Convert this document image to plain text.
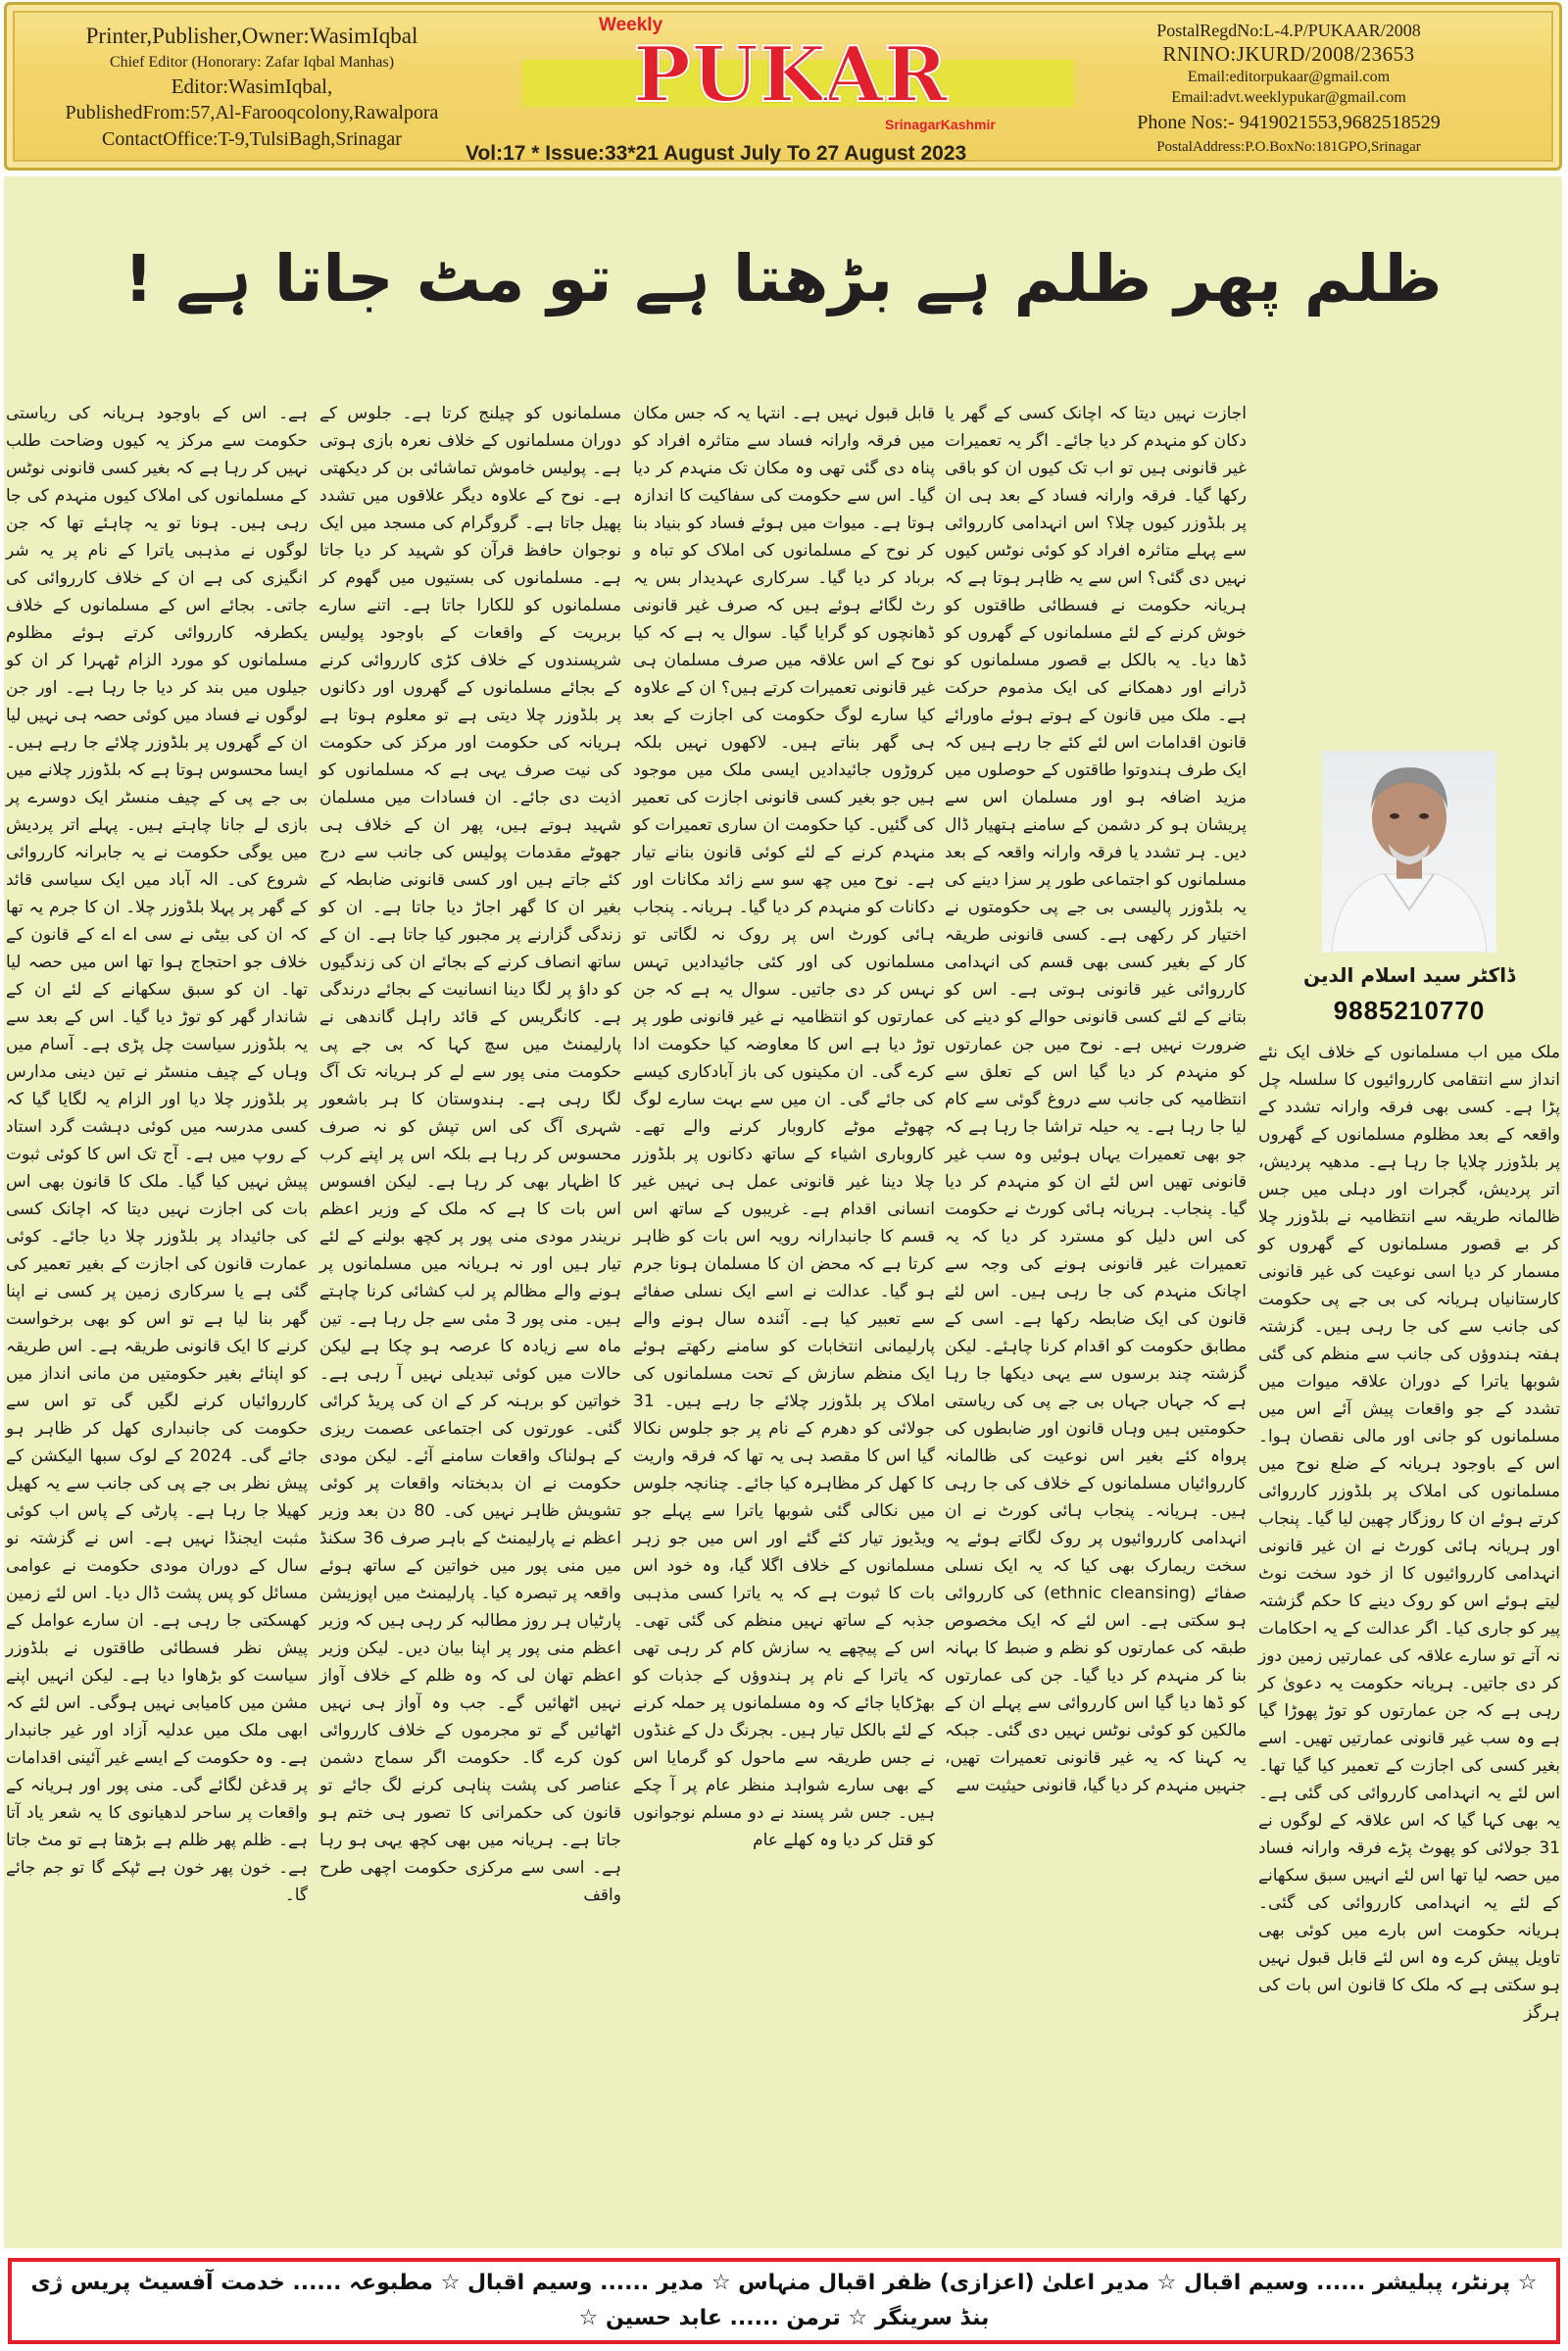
Printer,Publisher,Owner:WasimIqbal
Chief Editor (Honorary: Zafar Iqbal Manhas)
Editor:WasimIqbal,
PublishedFrom:57,Al-Farooqcolony,Rawalpora
ContactOffice:T-9,TulsiBagh,Srinagar
Weekly
PUKAR
SrinagarKashmir
Vol:17 * Issue:33*21 August July To 27 August 2023
PostalRegdNo:L-4.P/PUKAAR/2008
RNINO:JKURD/2008/23653
Email:editorpukaar@gmail.com
Email:advt.weeklypukar@gmail.com
Phone Nos:- 9419021553,9682518529
PostalAddress:P.O.BoxNo:181GPO,Srinagar
ظلم پھر ظلم ہے بڑھتا ہے تو مٹ جاتا ہے !
ڈاکٹر سید اسلام الدین
9885210770

ملک میں اب مسلمانوں کے خلاف ایک نئے انداز سے انتقامی کارروائیوں کا سلسلہ چل پڑا ہے۔ کسی بھی فرقہ وارانہ تشدد کے واقعہ کے بعد مظلوم مسلمانوں کے گھروں پر بلڈوزر چلایا جا رہا ہے۔ مدھیہ پردیش، اتر پردیش، گجرات اور دہلی میں جس ظالمانہ طریقہ سے انتظامیہ نے بلڈوزر چلا کر بے قصور مسلمانوں کے گھروں کو مسمار کر دیا اسی نوعیت کی غیر قانونی کارستانیاں ہریانہ کی بی جے پی حکومت کی جانب سے کی جا رہی ہیں۔ گزشتہ ہفتہ ہندوؤں کی جانب سے منظم کی گئی شوبھا یاترا کے دوران علاقہ میوات میں تشدد کے جو واقعات پیش آئے اس میں مسلمانوں کو جانی اور مالی نقصان ہوا۔ اس کے باوجود ہریانہ کے ضلع نوح میں مسلمانوں کی املاک پر بلڈوزر کارروائی کرتے ہوئے ان کا روزگار چھین لیا گیا۔ پنجاب اور ہریانہ ہائی کورٹ نے ان غیر قانونی انہدامی کارروائیوں کا از خود سخت نوٹ لیتے ہوئے اس کو روک دینے کا حکم گزشتہ پیر کو جاری کیا۔ اگر عدالت کے یہ احکامات نہ آتے تو سارے علاقہ کی عمارتیں زمین دوز کر دی جاتیں۔ ہریانہ حکومت یہ دعویٰ کر رہی ہے کہ جن عمارتوں کو توڑ پھوڑا گیا ہے وہ سب غیر قانونی عمارتیں تھیں۔ اسے بغیر کسی کی اجازت کے تعمیر کیا گیا تھا۔ اس لئے یہ انہدامی کارروائی کی گئی ہے۔ یہ بھی کہا گیا کہ اس علاقہ کے لوگوں نے 31 جولائی کو پھوٹ پڑے فرقہ وارانہ فساد میں حصہ لیا تھا اس لئے انہیں سبق سکھانے کے لئے یہ انہدامی کارروائی کی گئی۔ ہریانہ حکومت اس بارے میں کوئی بھی تاویل پیش کرے وہ اس لئے قابل قبول نہیں ہو سکتی ہے کہ ملک کا قانون اس بات کی ہرگز

اجازت نہیں دیتا کہ اچانک کسی کے گھر یا دکان کو منہدم کر دیا جائے۔ اگر یہ تعمیرات غیر قانونی ہیں تو اب تک کیوں ان کو باقی رکھا گیا۔ فرقہ وارانہ فساد کے بعد ہی ان پر بلڈوزر کیوں چلا؟ اس انہدامی کارروائی سے پہلے متاثرہ افراد کو کوئی نوٹس کیوں نہیں دی گئی؟ اس سے یہ ظاہر ہوتا ہے کہ ہریانہ حکومت نے فسطائی طاقتوں کو خوش کرنے کے لئے مسلمانوں کے گھروں کو ڈھا دیا۔ یہ بالکل بے قصور مسلمانوں کو ڈرانے اور دھمکانے کی ایک مذموم حرکت ہے۔ ملک میں قانون کے ہوتے ہوئے ماورائے قانون اقدامات اس لئے کئے جا رہے ہیں کہ ایک طرف ہندوتوا طاقتوں کے حوصلوں میں مزید اضافہ ہو اور مسلمان اس سے پریشان ہو کر دشمن کے سامنے ہتھیار ڈال دیں۔ ہر تشدد یا فرقہ وارانہ واقعہ کے بعد مسلمانوں کو اجتماعی طور پر سزا دینے کی یہ بلڈوزر پالیسی بی جے پی حکومتوں نے اختیار کر رکھی ہے۔ کسی قانونی طریقہ کار کے بغیر کسی بھی قسم کی انہدامی کارروائی غیر قانونی ہوتی ہے۔ اس کو بتانے کے لئے کسی قانونی حوالے کو دینے کی ضرورت نہیں ہے۔ نوح میں جن عمارتوں کو منہدم کر دیا گیا اس کے تعلق سے انتظامیہ کی جانب سے دروغ گوئی سے کام لیا جا رہا ہے۔ یہ حیلہ تراشا جا رہا ہے کہ جو بھی تعمیرات یہاں ہوئیں وہ سب غیر قانونی تھیں اس لئے ان کو منہدم کر دیا گیا۔ پنجاب۔ ہریانہ ہائی کورٹ نے حکومت کی اس دلیل کو مسترد کر دیا کہ یہ تعمیرات غیر قانونی ہونے کی وجہ سے اچانک منہدم کی جا رہی ہیں۔ اس لئے قانون کی ایک ضابطہ رکھا ہے۔ اسی کے مطابق حکومت کو اقدام کرنا چاہئے۔ لیکن گزشتہ چند برسوں سے یہی دیکھا جا رہا ہے کہ جہاں جہاں بی جے پی کی ریاستی حکومتیں ہیں وہاں قانون اور ضابطوں کی پرواہ کئے بغیر اس نوعیت کی ظالمانہ کارروائیاں مسلمانوں کے خلاف کی جا رہی ہیں۔ ہریانہ۔ پنجاب ہائی کورٹ نے ان انہدامی کارروائیوں پر روک لگاتے ہوئے یہ سخت ریمارک بھی کیا کہ یہ ایک نسلی صفائے (ethnic cleansing) کی کارروائی ہو سکتی ہے۔ اس لئے کہ ایک مخصوص طبقہ کی عمارتوں کو نظم و ضبط کا بہانہ بنا کر منہدم کر دیا گیا۔ جن کی عمارتوں کو ڈھا دیا گیا اس کارروائی سے پہلے ان کے مالکین کو کوئی نوٹس نہیں دی گئی۔ جبکہ یہ کہنا کہ یہ غیر قانونی تعمیرات تھیں، جنہیں منہدم کر دیا گیا، قانونی حیثیت سے

قابل قبول نہیں ہے۔ انتہا یہ کہ جس مکان میں فرقہ وارانہ فساد سے متاثرہ افراد کو پناہ دی گئی تھی وہ مکان تک منہدم کر دیا گیا۔ اس سے حکومت کی سفاکیت کا اندازہ ہوتا ہے۔ میوات میں ہوئے فساد کو بنیاد بنا کر نوح کے مسلمانوں کی املاک کو تباہ و برباد کر دیا گیا۔ سرکاری عہدیدار بس یہ رٹ لگائے ہوئے ہیں کہ صرف غیر قانونی ڈھانچوں کو گرایا گیا۔ سوال یہ ہے کہ کیا نوح کے اس علاقہ میں صرف مسلمان ہی غیر قانونی تعمیرات کرتے ہیں؟ ان کے علاوہ کیا سارے لوگ حکومت کی اجازت کے بعد ہی گھر بناتے ہیں۔ لاکھوں نہیں بلکہ کروڑوں جائیدادیں ایسی ملک میں موجود ہیں جو بغیر کسی قانونی اجازت کی تعمیر کی گئیں۔ کیا حکومت ان ساری تعمیرات کو منہدم کرنے کے لئے کوئی قانون بنانے تیار ہے۔ نوح میں چھ سو سے زائد مکانات اور دکانات کو منہدم کر دیا گیا۔ ہریانہ۔ پنجاب ہائی کورٹ اس پر روک نہ لگاتی تو مسلمانوں کی اور کئی جائیدادیں تہس نہس کر دی جاتیں۔ سوال یہ ہے کہ جن عمارتوں کو انتظامیہ نے غیر قانونی طور پر توڑ دیا ہے اس کا معاوضہ کیا حکومت ادا کرے گی۔ ان مکینوں کی باز آبادکاری کیسے کی جائے گی۔ ان میں سے بہت سارے لوگ چھوٹے موٹے کاروبار کرنے والے تھے۔ کاروباری اشیاء کے ساتھ دکانوں پر بلڈوزر چلا دینا غیر قانونی عمل ہی نہیں غیر انسانی اقدام ہے۔ غریبوں کے ساتھ اس قسم کا جانبدارانہ رویہ اس بات کو ظاہر کرتا ہے کہ محض ان کا مسلمان ہونا جرم ہو گیا۔ عدالت نے اسے ایک نسلی صفائے سے تعبیر کیا ہے۔ آئندہ سال ہونے والے پارلیمانی انتخابات کو سامنے رکھتے ہوئے ایک منظم سازش کے تحت مسلمانوں کی املاک پر بلڈوزر چلائے جا رہے ہیں۔ 31 جولائی کو دھرم کے نام پر جو جلوس نکالا گیا اس کا مقصد ہی یہ تھا کہ فرقہ واریت کا کھل کر مظاہرہ کیا جائے۔ چنانچہ جلوس میں نکالی گئی شوبھا یاترا سے پہلے جو ویڈیوز تیار کئے گئے اور اس میں جو زہر مسلمانوں کے خلاف اگلا گیا، وہ خود اس بات کا ثبوت ہے کہ یہ یاترا کسی مذہبی جذبہ کے ساتھ نہیں منظم کی گئی تھی۔ اس کے پیچھے یہ سازش کام کر رہی تھی کہ یاترا کے نام پر ہندوؤں کے جذبات کو بھڑکایا جائے کہ وہ مسلمانوں پر حملہ کرنے کے لئے بالکل تیار ہیں۔ بجرنگ دل کے غنڈوں نے جس طریقہ سے ماحول کو گرمایا اس کے بھی سارے شواہد منظر عام پر آ چکے ہیں۔ جس شر پسند نے دو مسلم نوجوانوں کو قتل کر دیا وہ کھلے عام

مسلمانوں کو چیلنج کرتا ہے۔ جلوس کے دوران مسلمانوں کے خلاف نعرہ بازی ہوتی ہے۔ پولیس خاموش تماشائی بن کر دیکھتی ہے۔ نوح کے علاوہ دیگر علاقوں میں تشدد پھیل جاتا ہے۔ گروگرام کی مسجد میں ایک نوجوان حافظ قرآن کو شہید کر دیا جاتا ہے۔ مسلمانوں کی بستیوں میں گھوم کر مسلمانوں کو للکارا جاتا ہے۔ اتنے سارے بربریت کے واقعات کے باوجود پولیس شرپسندوں کے خلاف کڑی کارروائی کرنے کے بجائے مسلمانوں کے گھروں اور دکانوں پر بلڈوزر چلا دیتی ہے تو معلوم ہوتا ہے ہریانہ کی حکومت اور مرکز کی حکومت کی نیت صرف یہی ہے کہ مسلمانوں کو اذیت دی جائے۔ ان فسادات میں مسلمان شہید ہوتے ہیں، پھر ان کے خلاف ہی جھوٹے مقدمات پولیس کی جانب سے درج کئے جاتے ہیں اور کسی قانونی ضابطہ کے بغیر ان کا گھر اجاڑ دیا جاتا ہے۔ ان کو زندگی گزارنے پر مجبور کیا جاتا ہے۔ ان کے ساتھ انصاف کرنے کے بجائے ان کی زندگیوں کو داؤ پر لگا دینا انسانیت کے بجائے درندگی ہے۔ کانگریس کے قائد راہل گاندھی نے پارلیمنٹ میں سچ کہا کہ بی جے پی حکومت منی پور سے لے کر ہریانہ تک آگ لگا رہی ہے۔ ہندوستان کا ہر باشعور شہری آگ کی اس تپش کو نہ صرف محسوس کر رہا ہے بلکہ اس پر اپنے کرب کا اظہار بھی کر رہا ہے۔ لیکن افسوس اس بات کا ہے کہ ملک کے وزیر اعظم نریندر مودی منی پور پر کچھ بولنے کے لئے تیار ہیں اور نہ ہریانہ میں مسلمانوں پر ہونے والے مظالم پر لب کشائی کرنا چاہتے ہیں۔ منی پور 3 مئی سے جل رہا ہے۔ تین ماہ سے زیادہ کا عرصہ ہو چکا ہے لیکن حالات میں کوئی تبدیلی نہیں آ رہی ہے۔ خواتین کو برہنہ کر کے ان کی پریڈ کرائی گئی۔ عورتوں کی اجتماعی عصمت ریزی کے ہولناک واقعات سامنے آئے۔ لیکن مودی حکومت نے ان بدبختانہ واقعات پر کوئی تشویش ظاہر نہیں کی۔ 80 دن بعد وزیر اعظم نے پارلیمنٹ کے باہر صرف 36 سکنڈ میں منی پور میں خواتین کے ساتھ ہوئے واقعہ پر تبصرہ کیا۔ پارلیمنٹ میں اپوزیشن پارٹیاں ہر روز مطالبہ کر رہی ہیں کہ وزیر اعظم منی پور پر اپنا بیان دیں۔ لیکن وزیر اعظم تھان لی کہ وہ ظلم کے خلاف آواز نہیں اٹھائیں گے۔ جب وہ آواز ہی نہیں اٹھائیں گے تو مجرموں کے خلاف کارروائی کون کرے گا۔ حکومت اگر سماج دشمن عناصر کی پشت پناہی کرنے لگ جائے تو قانون کی حکمرانی کا تصور ہی ختم ہو جاتا ہے۔ ہریانہ میں بھی کچھ یہی ہو رہا ہے۔ اسی سے مرکزی حکومت اچھی طرح واقف

ہے۔ اس کے باوجود ہریانہ کی ریاستی حکومت سے مرکز یہ کیوں وضاحت طلب نہیں کر رہا ہے کہ بغیر کسی قانونی نوٹس کے مسلمانوں کی املاک کیوں منہدم کی جا رہی ہیں۔ ہونا تو یہ چاہئے تھا کہ جن لوگوں نے مذہبی یاترا کے نام پر یہ شر انگیزی کی ہے ان کے خلاف کارروائی کی جاتی۔ بجائے اس کے مسلمانوں کے خلاف یکطرفہ کارروائی کرتے ہوئے مظلوم مسلمانوں کو مورد الزام ٹھہرا کر ان کو جیلوں میں بند کر دیا جا رہا ہے۔ اور جن لوگوں نے فساد میں کوئی حصہ ہی نہیں لیا ان کے گھروں پر بلڈوزر چلائے جا رہے ہیں۔ ایسا محسوس ہوتا ہے کہ بلڈوزر چلانے میں بی جے پی کے چیف منسٹر ایک دوسرے پر بازی لے جانا چاہتے ہیں۔ پہلے اتر پردیش میں یوگی حکومت نے یہ جابرانہ کارروائی شروع کی۔ الہ آباد میں ایک سیاسی قائد کے گھر پر پہلا بلڈوزر چلا۔ ان کا جرم یہ تھا کہ ان کی بیٹی نے سی اے اے کے قانون کے خلاف جو احتجاج ہوا تھا اس میں حصہ لیا تھا۔ ان کو سبق سکھانے کے لئے ان کے شاندار گھر کو توڑ دیا گیا۔ اس کے بعد سے یہ بلڈوزر سیاست چل پڑی ہے۔ آسام میں وہاں کے چیف منسٹر نے تین دینی مدارس پر بلڈوزر چلا دیا اور الزام یہ لگایا گیا کہ کسی مدرسہ میں کوئی دہشت گرد استاد کے روپ میں ہے۔ آج تک اس کا کوئی ثبوت پیش نہیں کیا گیا۔ ملک کا قانون بھی اس بات کی اجازت نہیں دیتا کہ اچانک کسی کی جائیداد پر بلڈوزر چلا دیا جائے۔ کوئی عمارت قانون کی اجازت کے بغیر تعمیر کی گئی ہے یا سرکاری زمین پر کسی نے اپنا گھر بنا لیا ہے تو اس کو بھی برخواست کرنے کا ایک قانونی طریقہ ہے۔ اس طریقہ کو اپنائے بغیر حکومتیں من مانی انداز میں کارروائیاں کرنے لگیں گی تو اس سے حکومت کی جانبداری کھل کر ظاہر ہو جائے گی۔ 2024 کے لوک سبھا الیکشن کے پیش نظر بی جے پی کی جانب سے یہ کھیل کھیلا جا رہا ہے۔ پارٹی کے پاس اب کوئی مثبت ایجنڈا نہیں ہے۔ اس نے گزشتہ نو سال کے دوران مودی حکومت نے عوامی مسائل کو پس پشت ڈال دیا۔ اس لئے زمین کھسکتی جا رہی ہے۔ ان سارے عوامل کے پیش نظر فسطائی طاقتوں نے بلڈوزر سیاست کو بڑھاوا دیا ہے۔ لیکن انہیں اپنے مشن میں کامیابی نہیں ہوگی۔ اس لئے کہ ابھی ملک میں عدلیہ آزاد اور غیر جانبدار ہے۔ وہ حکومت کے ایسے غیر آئینی اقدامات پر قدغن لگائے گی۔ منی پور اور ہریانہ کے واقعات پر ساحر لدھیانوی کا یہ شعر یاد آتا ہے۔ ظلم پھر ظلم ہے بڑھتا ہے تو مٹ جاتا ہے۔ خون پھر خون ہے ٹپکے گا تو جم جائے گا۔

☆ پرنٹر، پبلیشر ...... وسیم اقبال ☆ مدیر اعلیٰ (اعزازی) ظفر اقبال منہاس ☆ مدیر ...... وسیم اقبال ☆ مطبوعہ ...... خدمت آفسیٹ پریس ژی بنڈ سرینگر ☆ ترمن ...... عابد حسین ☆
